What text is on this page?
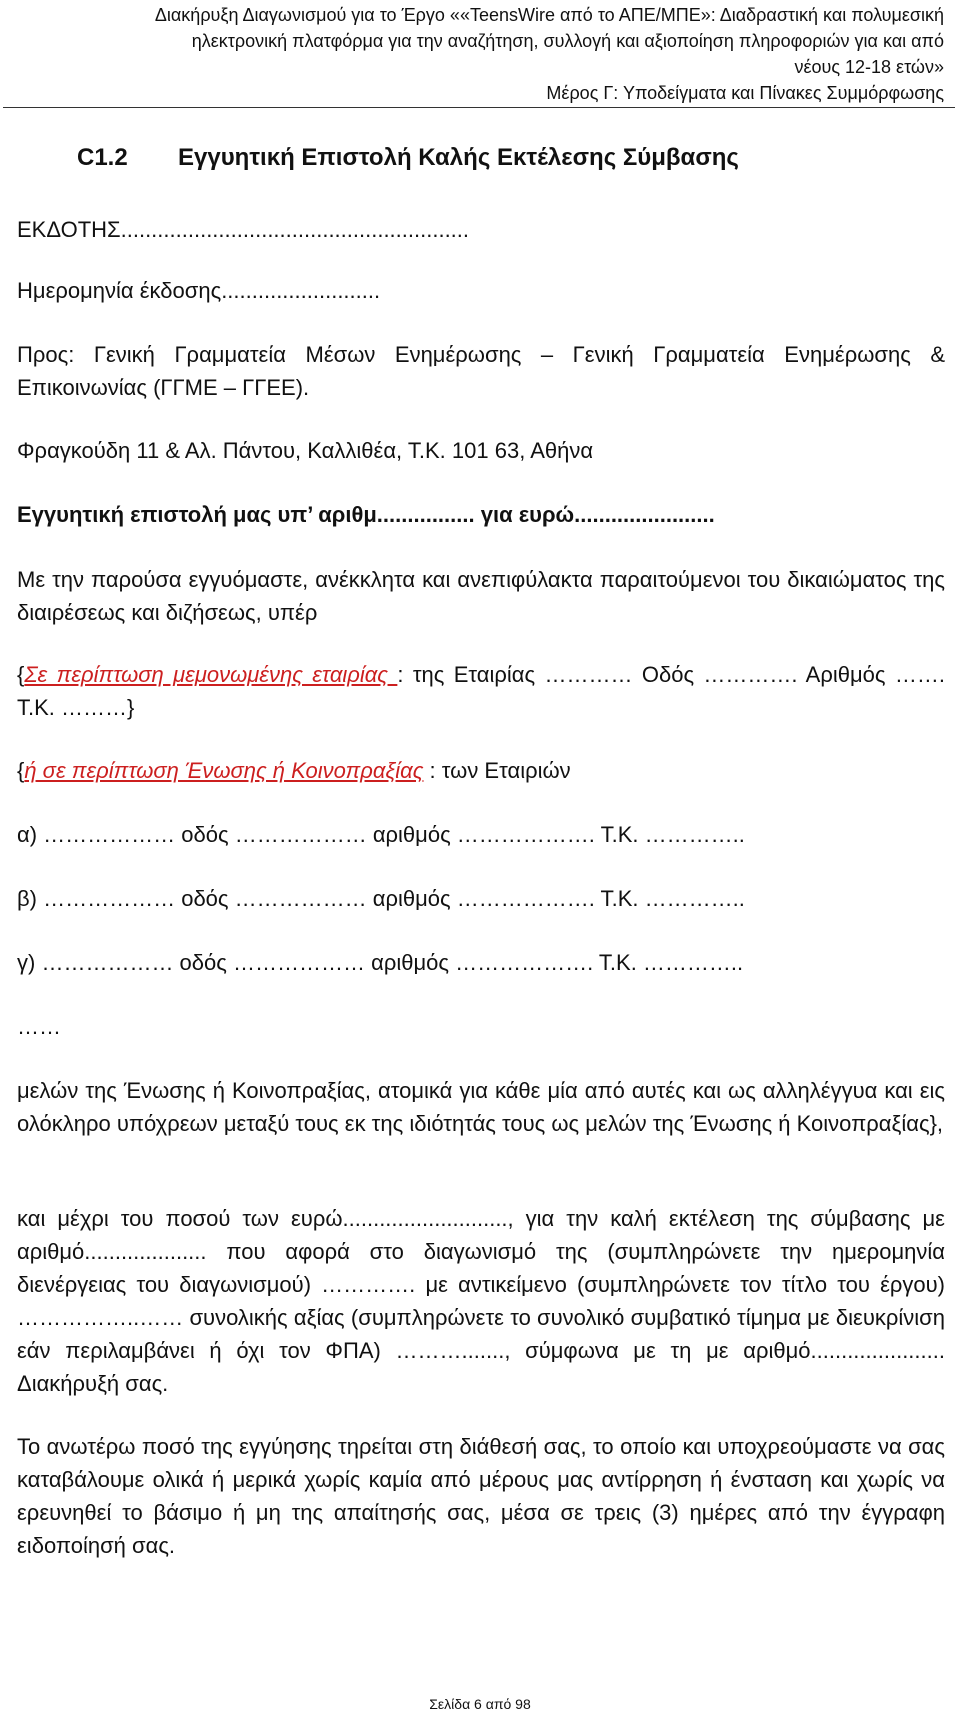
Διακήρυξη Διαγωνισμού για το Έργο ««TeensWire από το ΑΠΕ/ΜΠΕ»: Διαδραστική και πολυμεσική
ηλεκτρονική πλατφόρμα για την αναζήτηση, συλλογή και αξιοποίηση πληροφοριών για και από
νέους 12-18 ετών»
Μέρος Γ: Υποδείγματα και Πίνακες Συμμόρφωσης
C1.2 Εγγυητική Επιστολή Καλής Εκτέλεσης Σύμβασης

ΕΚΔΟΤΗΣ.........................................................

Ημερομηνία έκδοσης..........................

Προς: Γενική Γραμματεία Μέσων Ενημέρωσης – Γενική Γραμματεία Ενημέρωσης & Επικοινωνίας (ΓΓΜΕ – ΓΓΕΕ).

Φραγκούδη 11 & Αλ. Πάντου, Καλλιθέα, Τ.Κ. 101 63, Αθήνα

Εγγυητική επιστολή μας υπ’ αριθμ................ για ευρώ.......................

Με την παρούσα εγγυόμαστε, ανέκκλητα και ανεπιφύλακτα παραιτούμενοι του δικαιώματος της διαιρέσεως και διζήσεως, υπέρ

{Σε περίπτωση μεμονωμένης εταιρίας : της Εταιρίας ………… Οδός …………. Αριθμός ……. Τ.Κ. ………}

{ή σε περίπτωση Ένωσης ή Κοινοπραξίας : των Εταιριών

α) ……………… οδός ……………… αριθμός ………………. Τ.Κ. …………..

β) ……………… οδός ……………… αριθμός ………………. Τ.Κ. …………..

γ) ……………… οδός ……………… αριθμός ………………. Τ.Κ. …………..

……

μελών της Ένωσης ή Κοινοπραξίας, ατομικά για κάθε μία από αυτές και ως αλληλέγγυα και εις ολόκληρο υπόχρεων μεταξύ τους εκ της ιδιότητάς τους ως μελών της Ένωσης ή Κοινοπραξίας},

και μέχρι του ποσού των ευρώ..........................., για την καλή εκτέλεση της σύμβασης με αριθμό.................... που αφορά στο διαγωνισμό της (συμπληρώνετε την ημερομηνία διενέργειας του διαγωνισμού) …………. με αντικείμενο (συμπληρώνετε τον τίτλο του έργου) ……………..…… συνολικής αξίας (συμπληρώνετε το συνολικό συμβατικό τίμημα με διευκρίνιση εάν περιλαμβάνει ή όχι τον ΦΠΑ) ………......., σύμφωνα με τη με αριθμό...................... Διακήρυξή σας.

Το ανωτέρω ποσό της εγγύησης τηρείται στη διάθεσή σας, το οποίο και υποχρεούμαστε να σας καταβάλουμε ολικά ή μερικά χωρίς καμία από μέρους μας αντίρρηση ή ένσταση και χωρίς να ερευνηθεί το βάσιμο ή μη της απαίτησής σας, μέσα σε τρεις (3) ημέρες από την έγγραφη ειδοποίησή σας.

Σελίδα 6 από 98
